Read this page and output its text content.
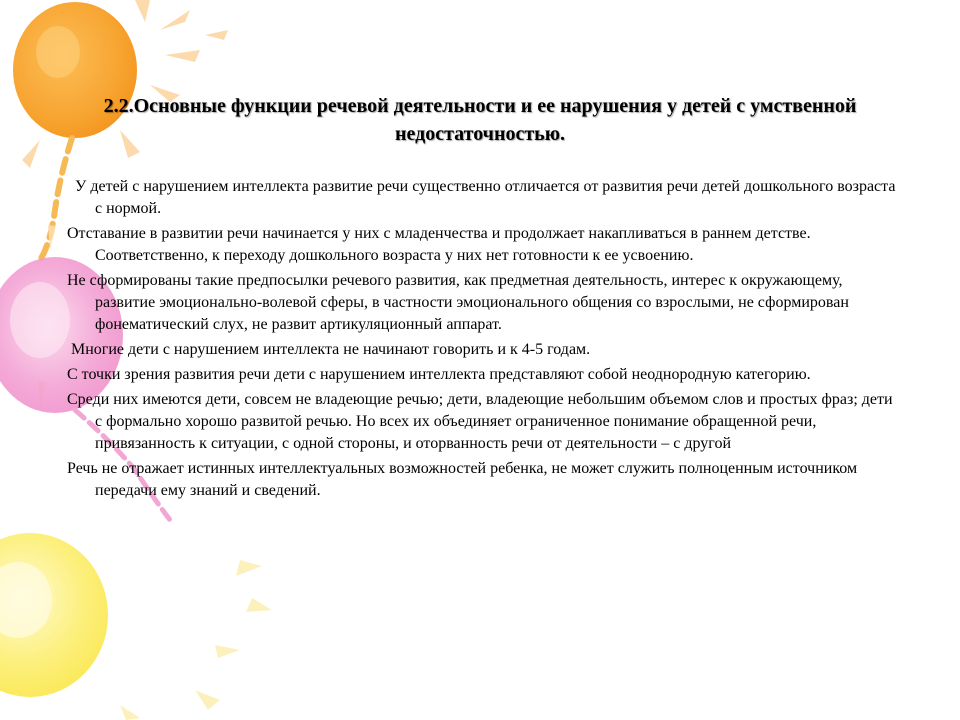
2.2.Основные функции речевой деятельности и ее нарушения у детей с умственной недостаточностью.

У детей с нарушением интеллекта развитие речи существенно отличается от развития речи детей дошкольного возраста с нормой.

Отставание в развитии речи начинается у них с младенчества и продолжает накапливаться в раннем детстве. Соответственно, к переходу дошкольного возраста у них нет готовности к ее усвоению.

Не сформированы такие предпосылки речевого развития, как предметная деятельность, интерес к окружающему, развитие эмоционально-волевой сферы, в частности эмоционального общения со взрослыми, не сформирован фонематический слух, не развит артикуляционный аппарат.

Многие дети с нарушением интеллекта не начинают говорить и к 4-5 годам.

С точки зрения развития речи дети с нарушением интеллекта представляют собой неоднородную категорию.

Среди них имеются дети, совсем не владеющие речью; дети, владеющие небольшим объемом слов и простых фраз; дети с формально хорошо развитой речью. Но всех их объединяет ограниченное понимание обращенной речи, привязанность к ситуации, с одной стороны, и оторванность речи от деятельности – с другой

Речь не отражает истинных интеллектуальных возможностей ребенка, не может служить полноценным источником передачи ему знаний и сведений.
